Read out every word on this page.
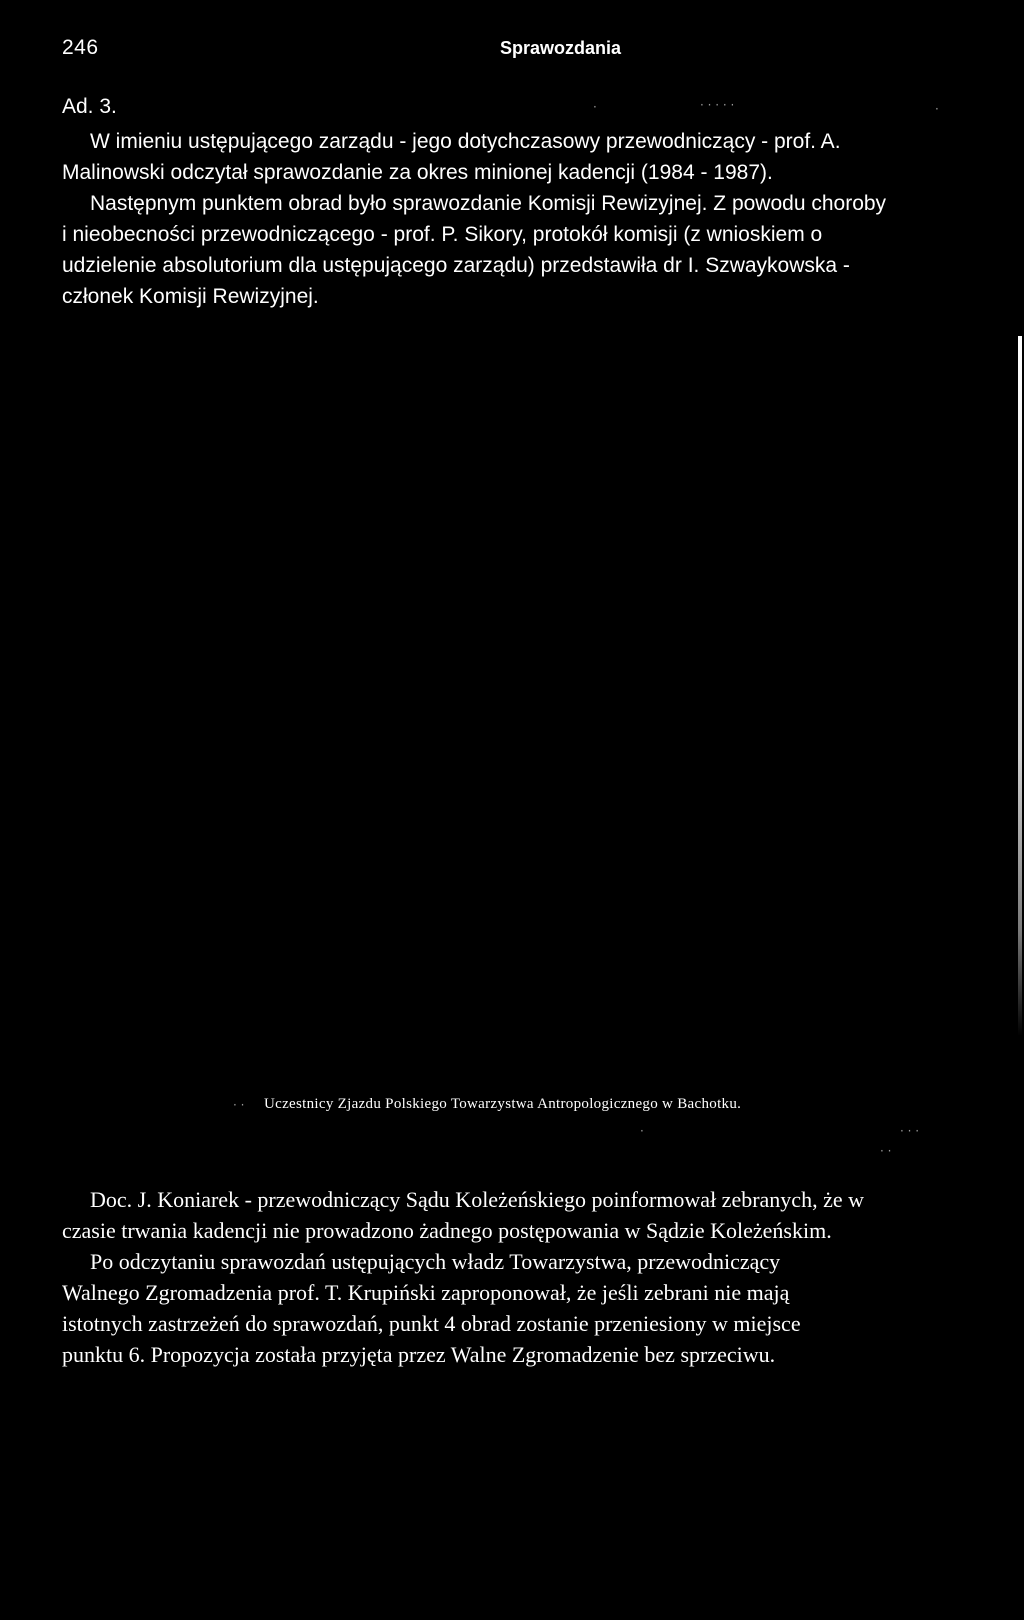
246	Sprawozdania
Ad. 3.
W imieniu ustępującego zarządu - jego dotychczasowy przewodniczący - prof. A.
Malinowski odczytał sprawozdanie za okres minionej kadencji (1984 - 1987).
Następnym punktem obrad było sprawozdanie Komisji Rewizyjnej. Z powodu choroby
i nieobecności przewodniczącego - prof. P. Sikory, protokół komisji (z wnioskiem o
udzielenie absolutorium dla ustępującego zarządu) przedstawiła dr I. Szwaykowska -
członek Komisji Rewizyjnej.
·	· · · · ·	·
· ·
·	· · ·
· ·
Uczestnicy Zjazdu Polskiego Towarzystwa Antropologicznego w Bachotku.
Doc. J. Koniarek - przewodniczący Sądu Koleżeńskiego poinformował zebranych, że w
czasie trwania kadencji nie prowadzono żadnego postępowania w Sądzie Koleżeńskim.
Po odczytaniu sprawozdań ustępujących władz Towarzystwa, przewodniczący
Walnego Zgromadzenia prof. T. Krupiński zaproponował, że jeśli zebrani nie mają
istotnych zastrzeżeń do sprawozdań, punkt 4 obrad zostanie przeniesiony w miejsce
punktu 6. Propozycja została przyjęta przez Walne Zgromadzenie bez sprzeciwu.
